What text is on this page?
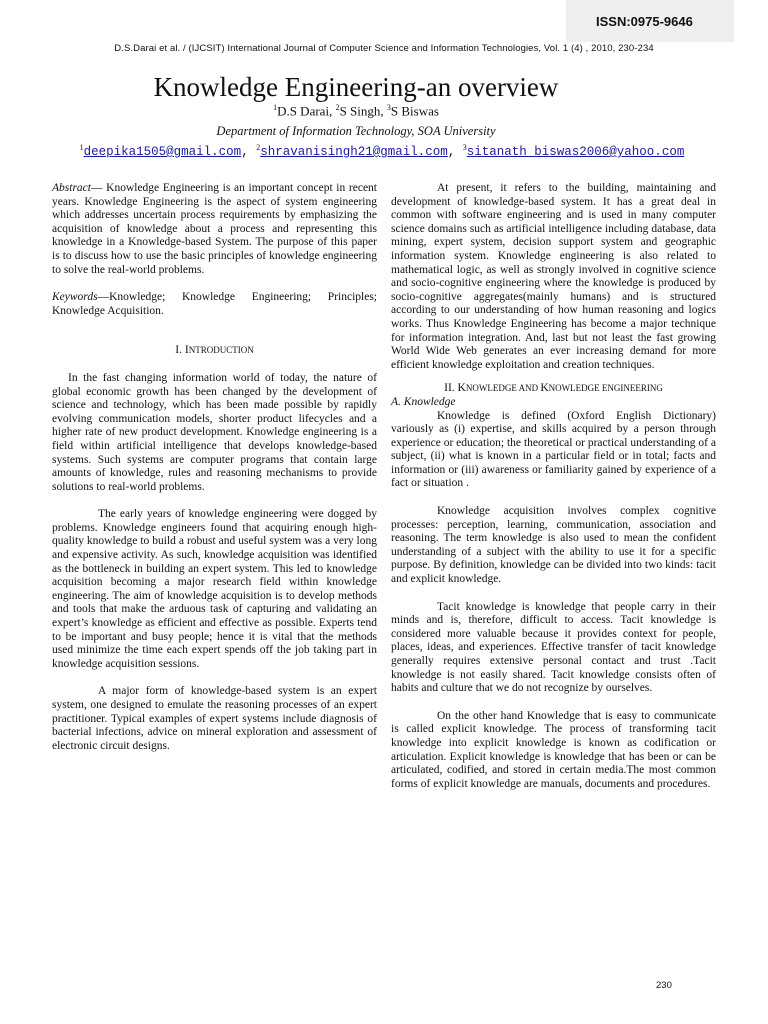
ISSN:0975-9646
D.S.Darai et al. / (IJCSIT) International Journal of Computer Science and Information Technologies, Vol. 1 (4) , 2010, 230-234
Knowledge Engineering-an overview
$^1$D.S Darai, $^2$S Singh, $^3$S Biswas
Department of Information Technology, SOA University
$^1$deepika1505@gmail.com, $^2$shravanisingh21@gmail.com, $^3$sitanath_biswas2006@yahoo.com

Abstract— Knowledge Engineering is an important concept in recent years. Knowledge Engineering is the aspect of system engineering which addresses uncertain process requirements by emphasizing the acquisition of knowledge about a process and representing this knowledge in a Knowledge-based System. The purpose of this paper is to discuss how to use the basic principles of knowledge engineering to solve the real-world problems.

Keywords—Knowledge; Knowledge Engineering; Principles; Knowledge Acquisition.

I. INTRODUCTION

In the fast changing information world of today, the nature of global economic growth has been changed by the development of science and technology, which has been made possible by rapidly evolving communication models, shorter product lifecycles and a higher rate of new product development. Knowledge engineering is a field within artificial intelligence that develops knowledge-based systems. Such systems are computer programs that contain large amounts of knowledge, rules and reasoning mechanisms to provide solutions to real-world problems.

The early years of knowledge engineering were dogged by problems. Knowledge engineers found that acquiring enough high-quality knowledge to build a robust and useful system was a very long and expensive activity. As such, knowledge acquisition was identified as the bottleneck in building an expert system. This led to knowledge acquisition becoming a major research field within knowledge engineering. The aim of knowledge acquisition is to develop methods and tools that make the arduous task of capturing and validating an expert’s knowledge as efficient and effective as possible. Experts tend to be important and busy people; hence it is vital that the methods used minimize the time each expert spends off the job taking part in knowledge acquisition sessions.

A major form of knowledge-based system is an expert system, one designed to emulate the reasoning processes of an expert practitioner. Typical examples of expert systems include diagnosis of bacterial infections, advice on mineral exploration and assessment of electronic circuit designs.

At present, it refers to the building, maintaining and development of knowledge-based system. It has a great deal in common with software engineering and is used in many computer science domains such as artificial intelligence including database, data mining, expert system, decision support system and geographic information system. Knowledge engineering is also related to mathematical logic, as well as strongly involved in cognitive science and socio-cognitive engineering where the knowledge is produced by socio-cognitive aggregates(mainly humans) and is structured according to our understanding of how human reasoning and logics works. Thus Knowledge Engineering has become a major technique for information integration. And, last but not least the fast growing World Wide Web generates an ever increasing demand for more efficient knowledge exploitation and creation techniques.

II. KNOWLEDGE AND KNOWLEDGE ENGINEERING

A. Knowledge

Knowledge is defined (Oxford English Dictionary) variously as (i) expertise, and skills acquired by a person through experience or education; the theoretical or practical understanding of a subject, (ii) what is known in a particular field or in total; facts and information or (iii) awareness or familiarity gained by experience of a fact or situation .

Knowledge acquisition involves complex cognitive processes: perception, learning, communication, association and reasoning. The term knowledge is also used to mean the confident understanding of a subject with the ability to use it for a specific purpose. By definition, knowledge can be divided into two kinds: tacit and explicit knowledge.

Tacit knowledge is knowledge that people carry in their minds and is, therefore, difficult to access. Tacit knowledge is considered more valuable because it provides context for people, places, ideas, and experiences. Effective transfer of tacit knowledge generally requires extensive personal contact and trust .Tacit knowledge is not easily shared. Tacit knowledge consists often of habits and culture that we do not recognize by ourselves.

On the other hand Knowledge that is easy to communicate is called explicit knowledge. The process of transforming tacit knowledge into explicit knowledge is known as codification or articulation. Explicit knowledge is knowledge that has been or can be articulated, codified, and stored in certain media.The most common forms of explicit knowledge are manuals, documents and procedures.

230
